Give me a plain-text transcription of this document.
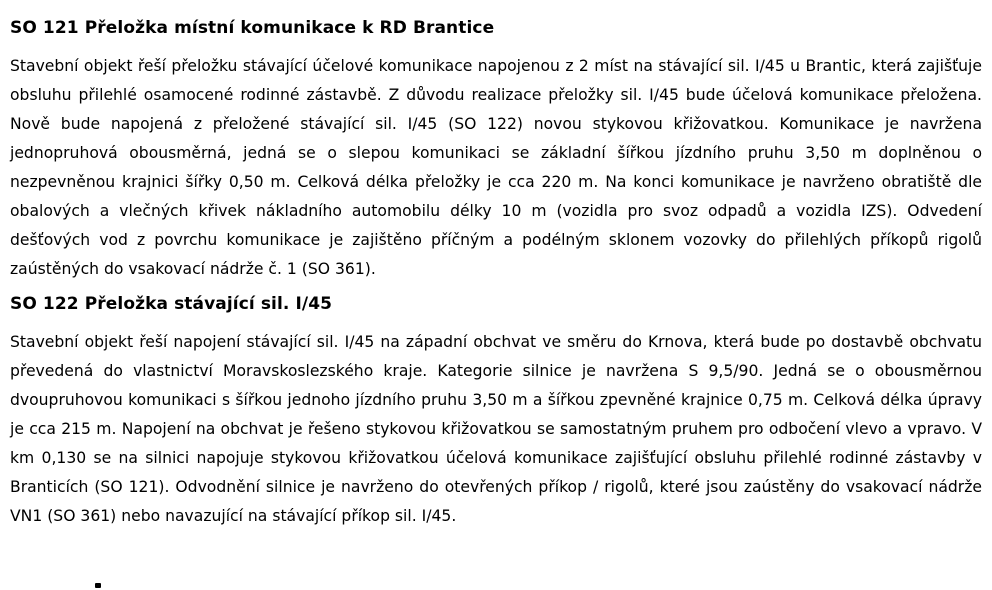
SO 121 Přeložka místní komunikace k RD Brantice

Stavební objekt řeší přeložku stávající účelové komunikace napojenou z 2 míst na stávající sil. I/45 u Brantic, která zajišťuje obsluhu přilehlé osamocené rodinné zástavbě. Z důvodu realizace přeložky sil. I/45 bude účelová komunikace přeložena. Nově bude napojená z přeložené stávající sil. I/45 (SO 122) novou stykovou křižovatkou. Komunikace je navržena jednopruhová obousměrná, jedná se o slepou komunikaci se základní šířkou jízdního pruhu 3,50 m doplněnou o nezpevněnou krajnici šířky 0,50 m. Celková délka přeložky je cca 220 m. Na konci komunikace je navrženo obratiště dle obalových a vlečných křivek nákladního automobilu délky 10 m (vozidla pro svoz odpadů a vozidla IZS). Odvedení dešťových vod z povrchu komunikace je zajištěno příčným a podélným sklonem vozovky do přilehlých příkopů rigolů zaústěných do vsakovací nádrže č. 1 (SO 361).

SO 122 Přeložka stávající sil. I/45

Stavební objekt řeší napojení stávající sil. I/45 na západní obchvat ve směru do Krnova, která bude po dostavbě obchvatu převedená do vlastnictví Moravskoslezského kraje. Kategorie silnice je navržena S 9,5/90. Jedná se o obousměrnou dvoupruhovou komunikaci s šířkou jednoho jízdního pruhu 3,50 m a šířkou zpevněné krajnice 0,75 m. Celková délka úpravy je cca 215 m. Napojení na obchvat je řešeno stykovou křižovatkou se samostatným pruhem pro odbočení vlevo a vpravo. V km 0,130 se na silnici napojuje stykovou křižovatkou účelová komunikace zajišťující obsluhu přilehlé rodinné zástavby v Branticích (SO 121). Odvodnění silnice je navrženo do otevřených příkop / rigolů, které jsou zaústěny do vsakovací nádrže VN1 (SO 361) nebo navazující na stávající příkop sil. I/45.
